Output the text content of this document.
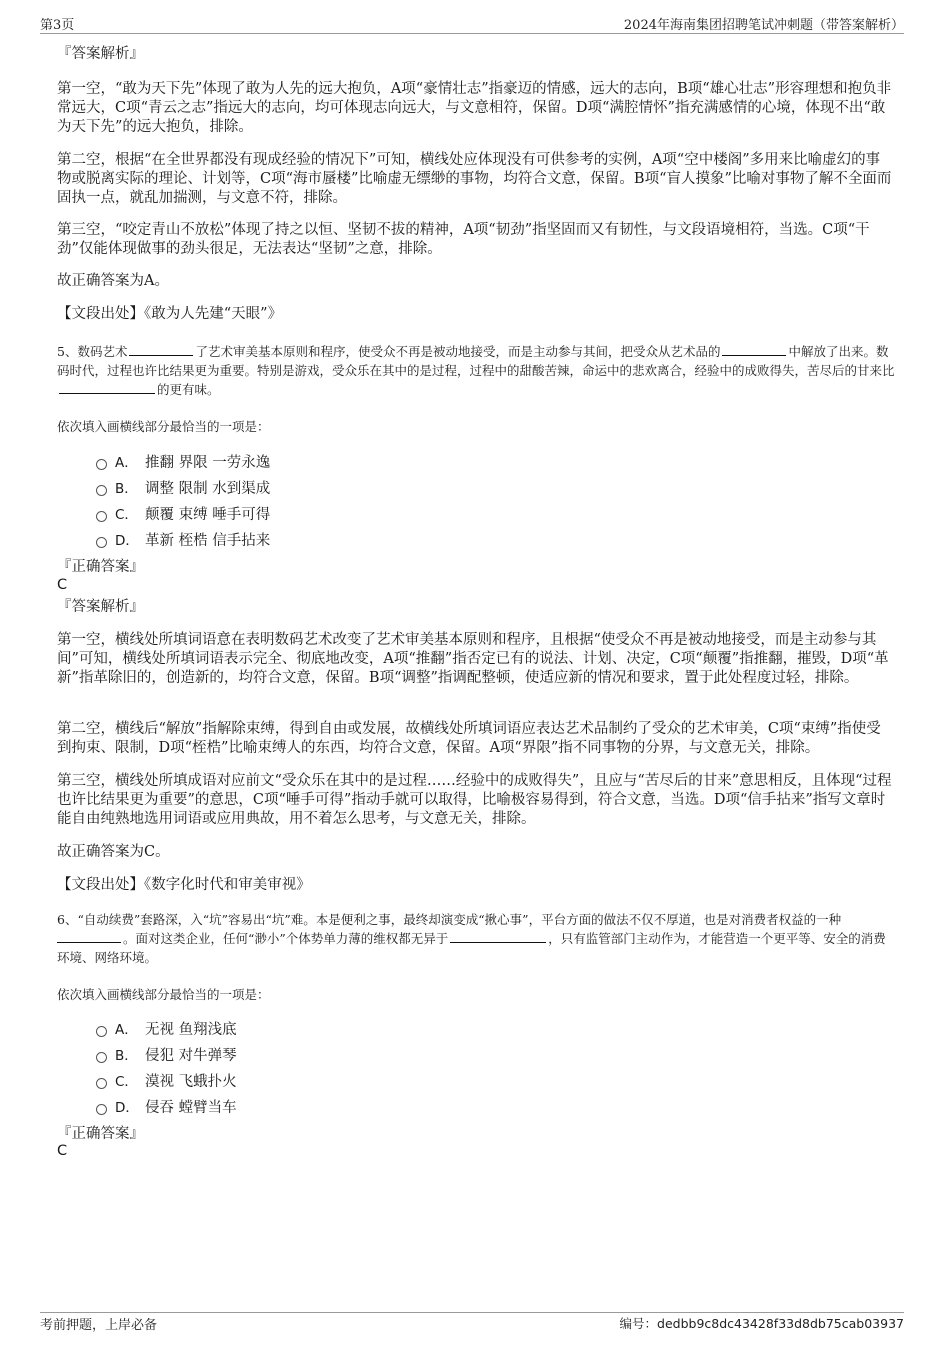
第3页	2024年海南集团招聘笔试冲刺题（带答案解析）

『答案解析』

第一空，“敢为天下先”体现了敢为人先的远大抱负，A项“豪情壮志”指豪迈的情感，远大的志向，B项“雄心壮志”形容理想和抱负非常远大，C项“青云之志”指远大的志向，均可体现志向远大，与文意相符，保留。D项“满腔情怀”指充满感情的心境，体现不出“敢为天下先”的远大抱负，排除。

第二空，根据“在全世界都没有现成经验的情况下”可知，横线处应体现没有可供参考的实例，A项“空中楼阁”多用来比喻虚幻的事物或脱离实际的理论、计划等，C项“海市蜃楼”比喻虚无缥缈的事物，均符合文意，保留。B项“盲人摸象”比喻对事物了解不全面而固执一点，就乱加揣测，与文意不符，排除。

第三空，“咬定青山不放松”体现了持之以恒、坚韧不拔的精神，A项“韧劲”指坚固而又有韧性，与文段语境相符，当选。C项“干劲”仅能体现做事的劲头很足，无法表达“坚韧”之意，排除。

故正确答案为A。

【文段出处】《敢为人先建“天眼”》

5、数码艺术	了艺术审美基本原则和程序，使受众不再是被动地接受，而是主动参与其间，把受众从艺术品的	中解放了出来。数码时代，过程也许比结果更为重要。特别是游戏，受众乐在其中的是过程，过程中的甜酸苦辣，命运中的悲欢离合，经验中的成败得失，苦尽后的甘来比的更有味。

依次填入画横线部分最恰当的一项是：

A． 推翻 界限 一劳永逸
B． 调整 限制 水到渠成
C． 颠覆 束缚 唾手可得
D． 革新 桎梏 信手拈来

『正确答案』

C

『答案解析』

第一空，横线处所填词语意在表明数码艺术改变了艺术审美基本原则和程序，且根据“使受众不再是被动地接受，而是主动参与其间”可知，横线处所填词语表示完全、彻底地改变，A项“推翻”指否定已有的说法、计划、决定，C项“颠覆”指推翻，摧毁，D项“革新”指革除旧的，创造新的，均符合文意，保留。B项“调整”指调配整顿，使适应新的情况和要求，置于此处程度过轻，排除。

第二空，横线后“解放”指解除束缚，得到自由或发展，故横线处所填词语应表达艺术品制约了受众的艺术审美，C项“束缚”指使受到拘束、限制，D项“桎梏”比喻束缚人的东西，均符合文意，保留。A项“界限”指不同事物的分界，与文意无关，排除。

第三空，横线处所填成语对应前文“受众乐在其中的是过程……经验中的成败得失”，且应与“苦尽后的甘来”意思相反，且体现“过程也许比结果更为重要”的意思，C项“唾手可得”指动手就可以取得，比喻极容易得到，符合文意，当选。D项“信手拈来”指写文章时能自由纯熟地选用词语或应用典故，用不着怎么思考，与文意无关，排除。

故正确答案为C。

【文段出处】《数字化时代和审美审视》

6、“自动续费”套路深，入“坑”容易出“坑”难。本是便利之事，最终却演变成“揪心事”，平台方面的做法不仅不厚道，也是对消费者权益的一种
。面对这类企业，任何“渺小”个体势单力薄的维权都无异于	，只有监管部门主动作为，才能营造一个更平等、安全的消费环境、网络环境。

依次填入画横线部分最恰当的一项是：

A． 无视 鱼翔浅底
B． 侵犯 对牛弹琴
C． 漠视 飞蛾扑火
D． 侵吞 螳臂当车

『正确答案』

C
考前押题，上岸必备	编号：dedbb9c8dc43428f33d8db75cab03937
